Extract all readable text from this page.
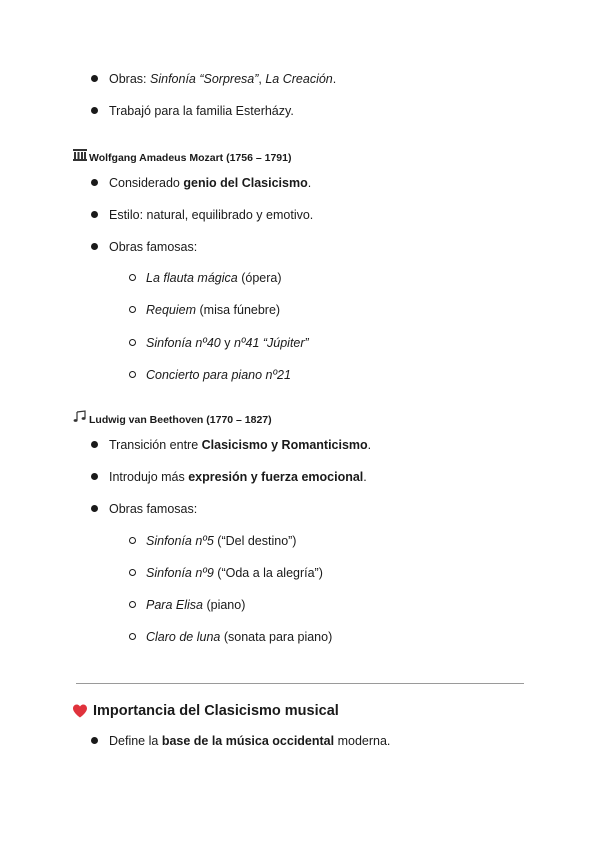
Obras: Sinfonía “Sorpresa”, La Creación.
Trabajó para la familia Esterházy.
Wolfgang Amadeus Mozart (1756 – 1791)
Considerado genio del Clasicismo.
Estilo: natural, equilibrado y emotivo.
Obras famosas:
La flauta mágica (ópera)
Requiem (misa fúnebre)
Sinfonía nº40 y nº41 “Júpiter”
Concierto para piano nº21
Ludwig van Beethoven (1770 – 1827)
Transición entre Clasicismo y Romanticismo.
Introdujo más expresión y fuerza emocional.
Obras famosas:
Sinfonía nº5 (“Del destino”)
Sinfonía nº9 (“Oda a la alegría”)
Para Elisa (piano)
Claro de luna (sonata para piano)
Importancia del Clasicismo musical
Define la base de la música occidental moderna.
